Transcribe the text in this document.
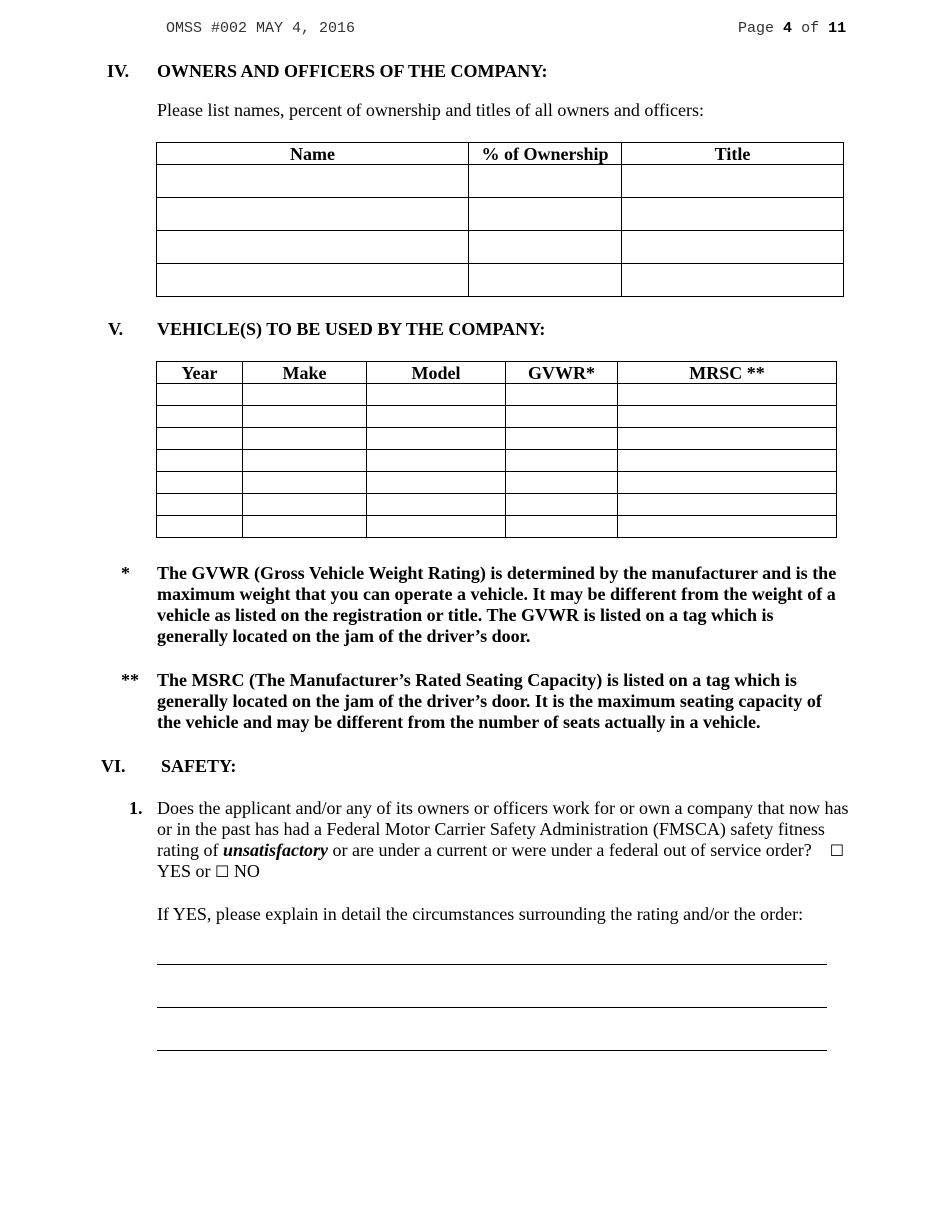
OMSS #002 MAY 4, 2016	Page 4 of 11
IV. OWNERS AND OFFICERS OF THE COMPANY:
Please list names, percent of ownership and titles of all owners and officers:
Name	% of Ownership	Title

V. VEHICLE(S) TO BE USED BY THE COMPANY:
Year	Make	Model	GVWR*	MRSC **

* The GVWR (Gross Vehicle Weight Rating) is determined by the manufacturer and is the maximum weight that you can operate a vehicle. It may be different from the weight of a vehicle as listed on the registration or title. The GVWR is listed on a tag which is generally located on the jam of the driver’s door.
** The MSRC (The Manufacturer’s Rated Seating Capacity) is listed on a tag which is generally located on the jam of the driver’s door. It is the maximum seating capacity of the vehicle and may be different from the number of seats actually in a vehicle.
VI. SAFETY:
1. Does the applicant and/or any of its owners or officers work for or own a company that now has or in the past has had a Federal Motor Carrier Safety Administration (FMSCA) safety fitness rating of unsatisfactory or are under a current or were under a federal out of service order? ☐ YES or ☐ NO
If YES, please explain in detail the circumstances surrounding the rating and/or the order:
